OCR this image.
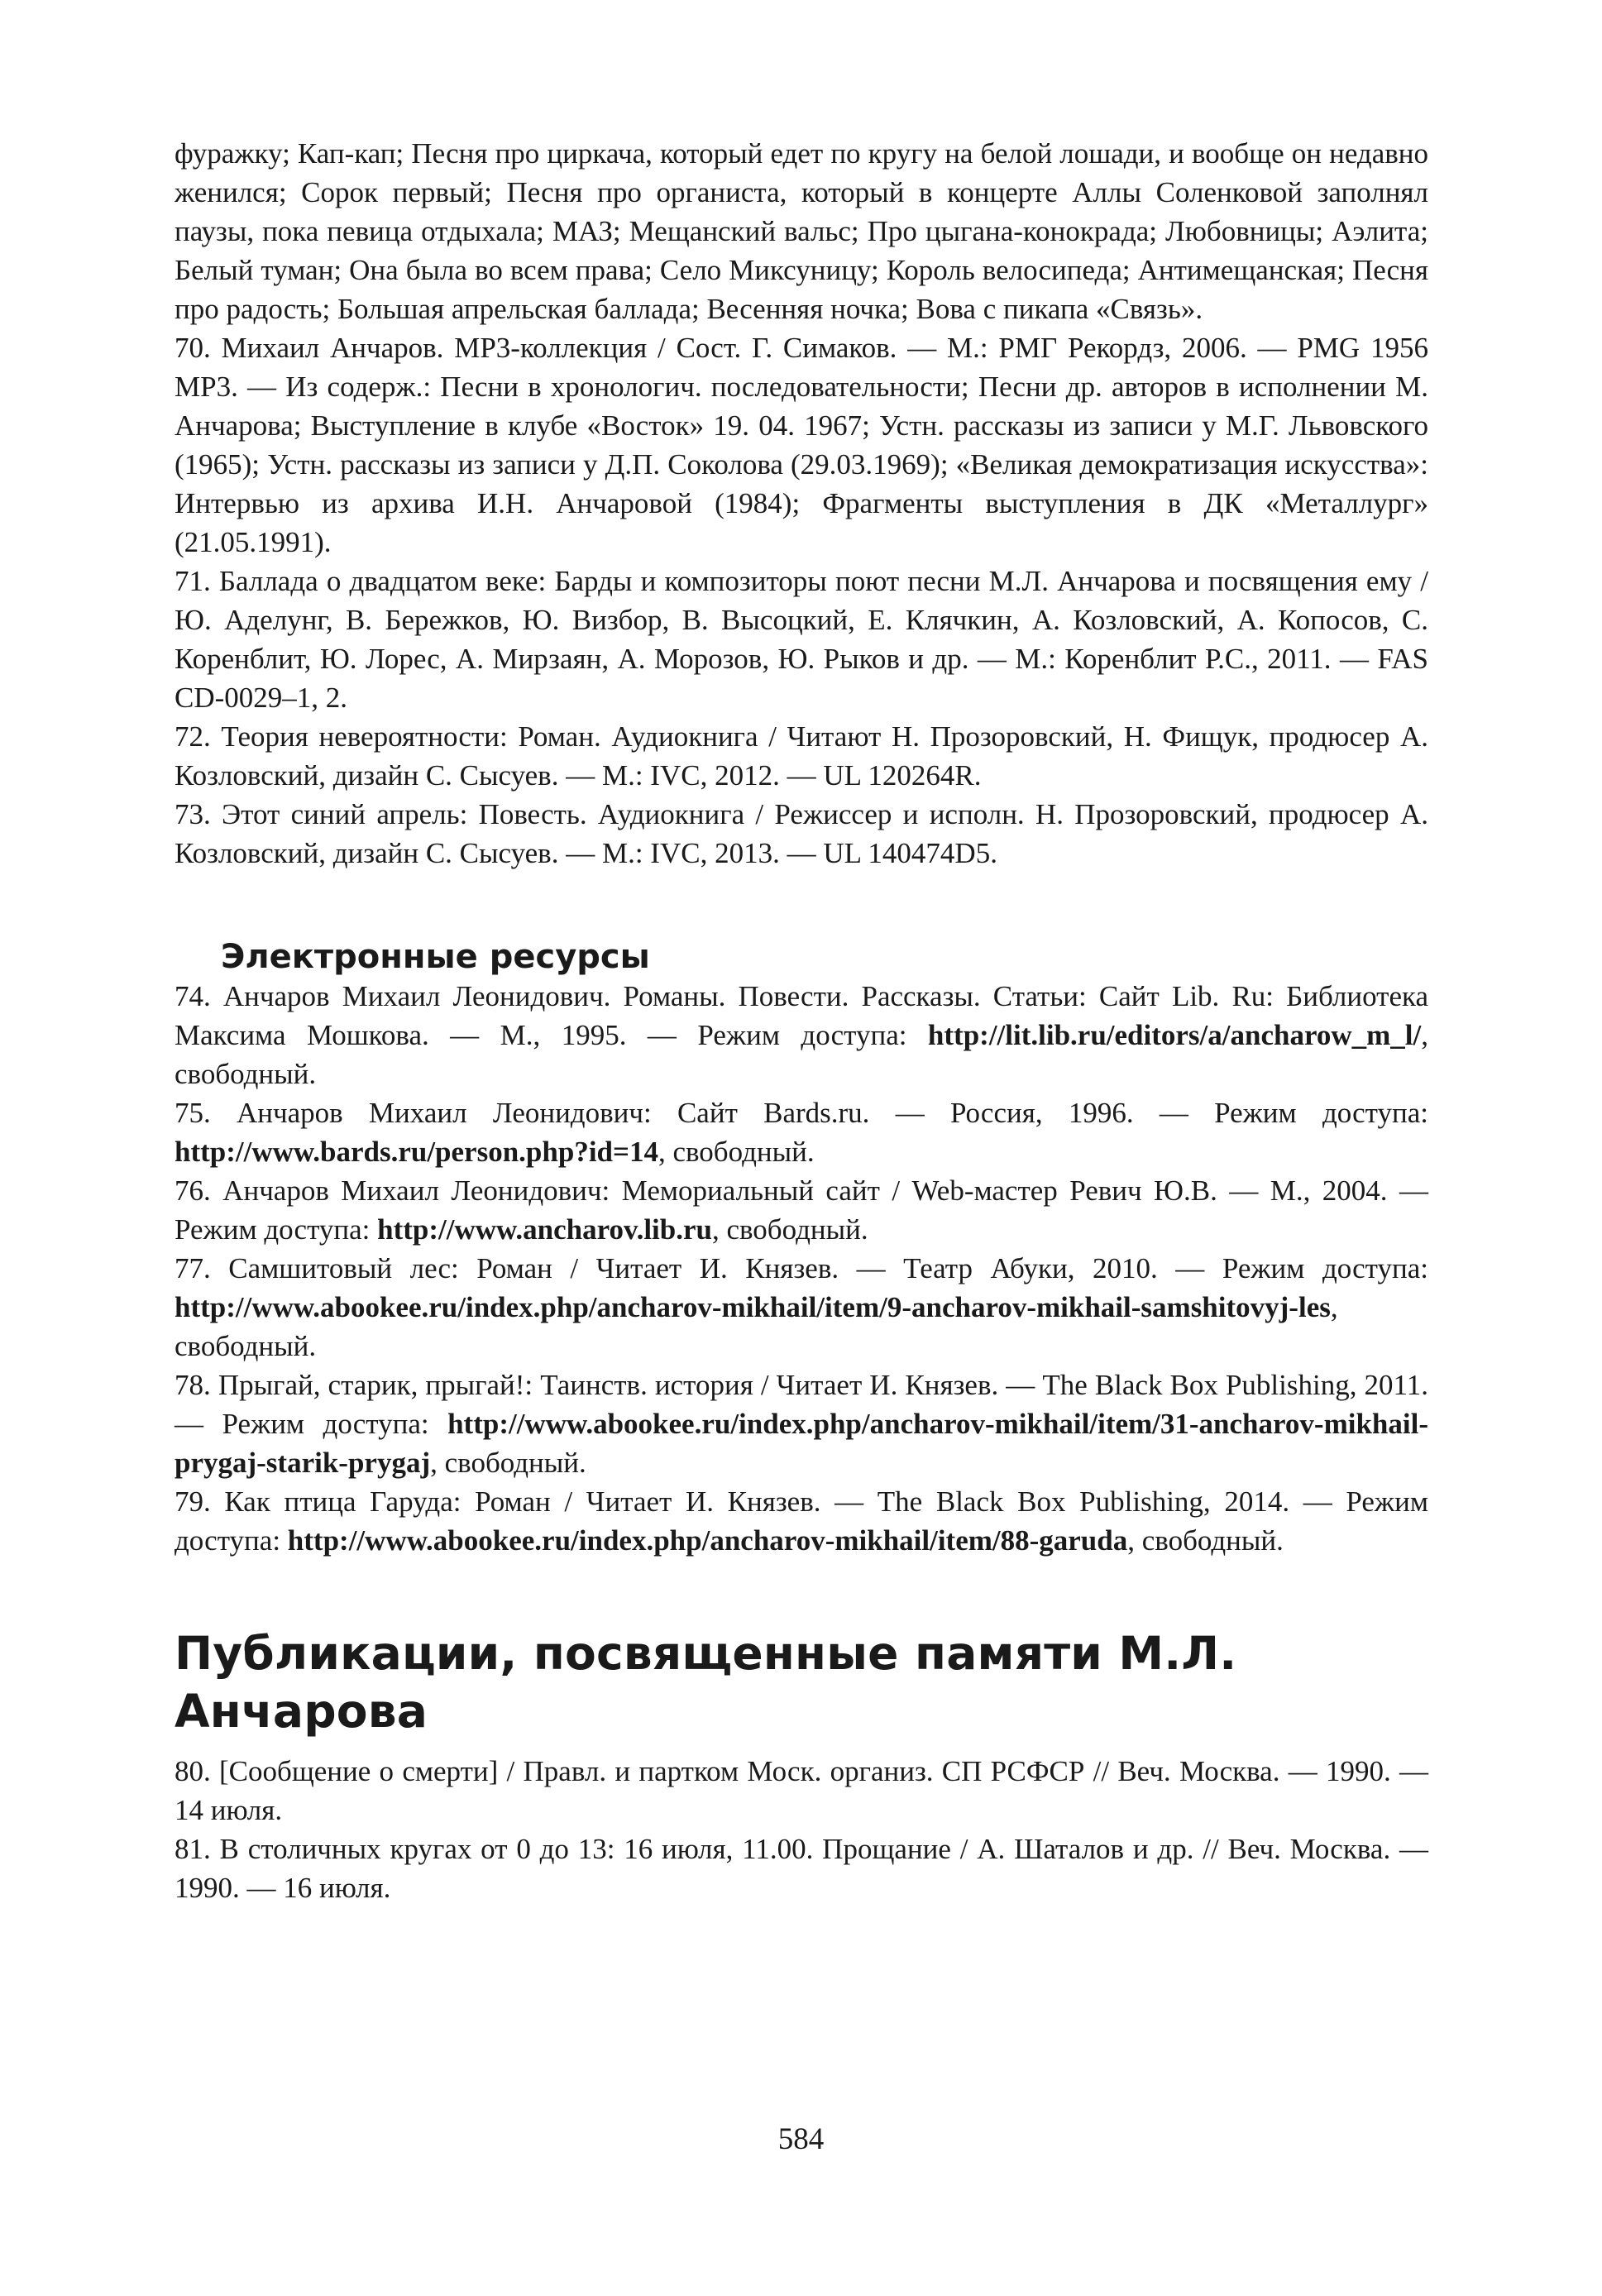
фуражку; Кап-кап; Песня про циркача, который едет по кругу на белой лошади, и вообще он недавно женился; Сорок первый; Песня про органиста, который в концерте Аллы Соленковой заполнял паузы, пока певица отдыхала; МАЗ; Мещанский вальс; Про цыгана-конокрада; Любовницы; Аэлита; Белый туман; Она была во всем права; Село Миксуницу; Король велосипеда; Антимещанская; Песня про радость; Большая апрельская баллада; Весенняя ночка; Вова с пикапа «Связь».

70. Михаил Анчаров. MP3-коллекция / Сост. Г. Симаков. — М.: РМГ Рекордз, 2006. — PMG 1956 MP3. — Из содерж.: Песни в хронологич. последовательности; Песни др. авторов в исполнении М. Анчарова; Выступление в клубе «Восток» 19. 04. 1967; Устн. рассказы из записи у М.Г. Львовского (1965); Устн. рассказы из записи у Д.П. Соколова (29.03.1969); «Великая демократизация искусства»: Интервью из архива И.Н. Анчаровой (1984); Фрагменты выступления в ДК «Металлург» (21.05.1991).

71. Баллада о двадцатом веке: Барды и композиторы поют песни М.Л. Анчарова и посвящения ему / Ю. Аделунг, В. Бережков, Ю. Визбор, В. Высоцкий, Е. Клячкин, А. Козловский, А. Копосов, С. Коренблит, Ю. Лорес, А. Мирзаян, А. Морозов, Ю. Рыков и др. — М.: Коренблит Р.С., 2011. — FAS CD-0029–1, 2.

72. Теория невероятности: Роман. Аудиокнига / Читают Н. Прозоровский, Н. Фищук, продюсер А. Козловский, дизайн С. Сысуев. — М.: IVC, 2012. — UL 120264R.

73. Этот синий апрель: Повесть. Аудиокнига / Режиссер и исполн. Н. Прозоровский, продюсер А. Козловский, дизайн С. Сысуев. — М.: IVC, 2013. — UL 140474D5.

Электронные ресурсы

74. Анчаров Михаил Леонидович. Романы. Повести. Рассказы. Статьи: Сайт Lib. Ru: Библиотека Максима Мошкова. — М., 1995. — Режим доступа: http://lit.lib.ru/editors/a/ancharow_m_l/, свободный.

75. Анчаров Михаил Леонидович: Сайт Bards.ru. — Россия, 1996. — Режим доступа: http://www.bards.ru/person.php?id=14, свободный.

76. Анчаров Михаил Леонидович: Мемориальный сайт / Web-мастер Ревич Ю.В. — М., 2004. — Режим доступа: http://www.ancharov.lib.ru, свободный.

77. Самшитовый лес: Роман / Читает И. Князев. — Театр Абуки, 2010. — Режим доступа: http://www.abookee.ru/index.php/ancharov-mikhail/item/9-ancharov-mikhail-samshitovyj-les, свободный.

78. Прыгай, старик, прыгай!: Таинств. история / Читает И. Князев. — The Black Box Publishing, 2011. — Режим доступа: http://www.abookee.ru/index.php/ancharov-mikhail/item/31-ancharov-mikhail-prygaj-starik-prygaj, свободный.

79. Как птица Гаруда: Роман / Читает И. Князев. — The Black Box Publishing, 2014. — Режим доступа: http://www.abookee.ru/index.php/ancharov-mikhail/item/88-garuda, свободный.

Публикации, посвященные памяти М.Л. Анчарова

80. [Сообщение о смерти] / Правл. и партком Моск. организ. СП РСФСР // Веч. Москва. — 1990. — 14 июля.

81. В столичных кругах от 0 до 13: 16 июля, 11.00. Прощание / А. Шаталов и др. // Веч. Москва. — 1990. — 16 июля.

584
